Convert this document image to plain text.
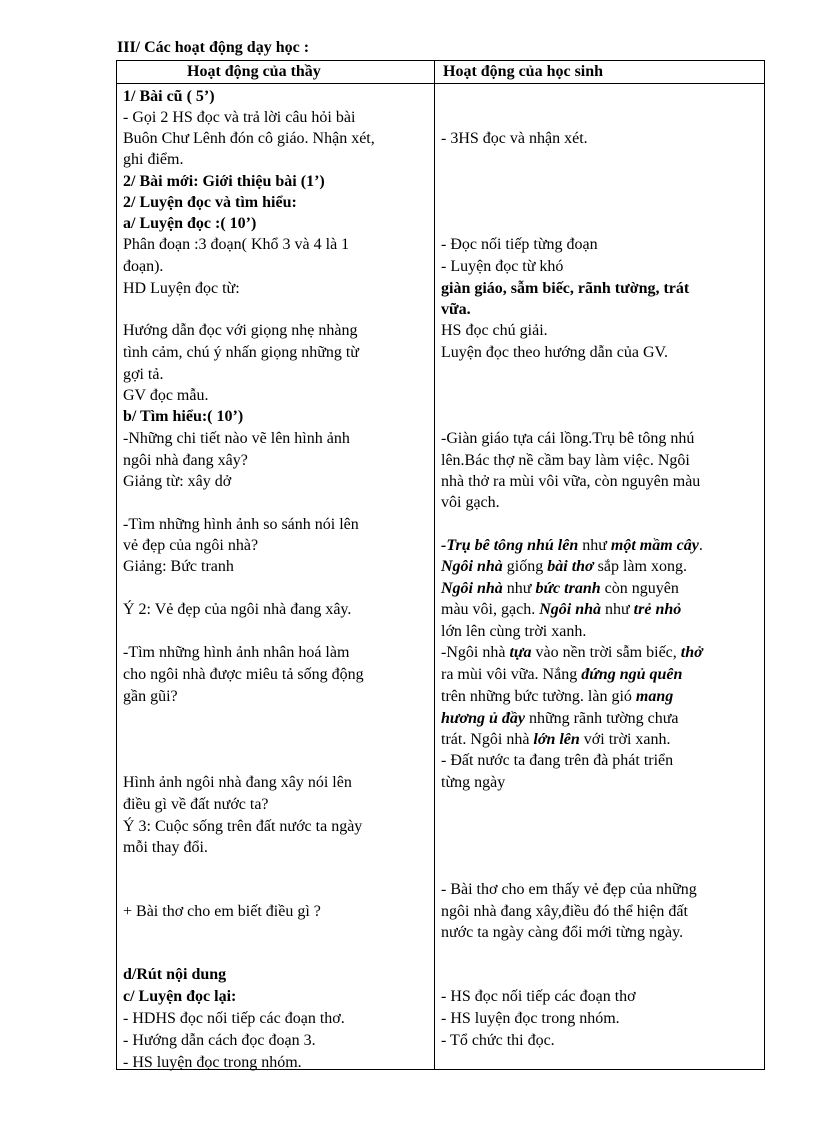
III/ Các hoạt động dạy học :
Hoạt động của thầy	Hoạt động của học sinh
1/ Bài cũ ( 5’)
- Gọi 2 HS đọc và trả lời câu hỏi bài
Buôn Chư Lênh đón cô giáo. Nhận xét,
ghi điểm.
2/ Bài mới: Giới thiệu bài (1’)
2/ Luyện đọc và tìm hiểu:
a/ Luyện đọc :( 10’)
Phân đoạn :3 đoạn( Khổ 3 và 4 là 1
đoạn).
HD Luyện đọc từ:
Hướng dẫn đọc với giọng nhẹ nhàng
tình cảm, chú ý nhấn giọng những từ
gợi tả.
GV đọc mẫu.
b/ Tìm hiểu:( 10’)
-Những chi tiết nào vẽ lên hình ảnh
ngôi nhà đang xây?
Giảng từ: xây dở
-Tìm những hình ảnh so sánh nói lên
vẻ đẹp của ngôi nhà?
Giảng: Bức tranh
Ý 2: Vẻ đẹp của ngôi nhà đang xây.
-Tìm những hình ảnh nhân hoá làm
cho ngôi nhà được miêu tả sống động
gần gũi?
Hình ảnh ngôi nhà đang xây nói lên
điều gì về đất nước ta?
Ý 3: Cuộc sống trên đất nước ta ngày
mỗi thay đổi.
+ Bài thơ cho em biết điều gì ?
d/Rút nội dung
c/ Luyện đọc lại:
- HDHS đọc nối tiếp các đoạn thơ.
- Hướng dẫn cách đọc đoạn 3.
- HS luyện đọc trong nhóm.
- 3HS đọc và nhận xét.
- Đọc nối tiếp từng đoạn
- Luyện đọc từ khó
giàn giáo, sẫm biếc, rãnh tường, trát
vữa.
HS đọc chú giải.
Luyện đọc theo hướng dẫn của GV.
-Giàn giáo tựa cái lồng.Trụ bê tông nhú
lên.Bác thợ nề cầm bay làm việc. Ngôi
nhà thở ra mùi vôi vữa, còn nguyên màu
vôi gạch.
-Trụ bê tông nhú lên như một mầm cây.
Ngôi nhà giống bài thơ sắp làm xong.
Ngôi nhà như bức tranh còn nguyên
màu vôi, gạch. Ngôi nhà như trẻ nhỏ
lớn lên cùng trời xanh.
-Ngôi nhà tựa vào nền trời sẫm biếc, thở
ra mùi vôi vữa. Nắng đứng ngủ quên
trên những bức tường. làn gió mang
hương ủ đầy những rãnh tường chưa
trát. Ngôi nhà lớn lên với trời xanh.
- Đất nước ta đang trên đà phát triển
từng ngày
- Bài thơ cho em thấy vẻ đẹp của những
ngôi nhà đang xây,điều đó thể hiện đất
nước ta ngày càng đổi mới từng ngày.
- HS đọc nối tiếp các đoạn thơ
- HS luyện đọc trong nhóm.
- Tổ chức thi đọc.
